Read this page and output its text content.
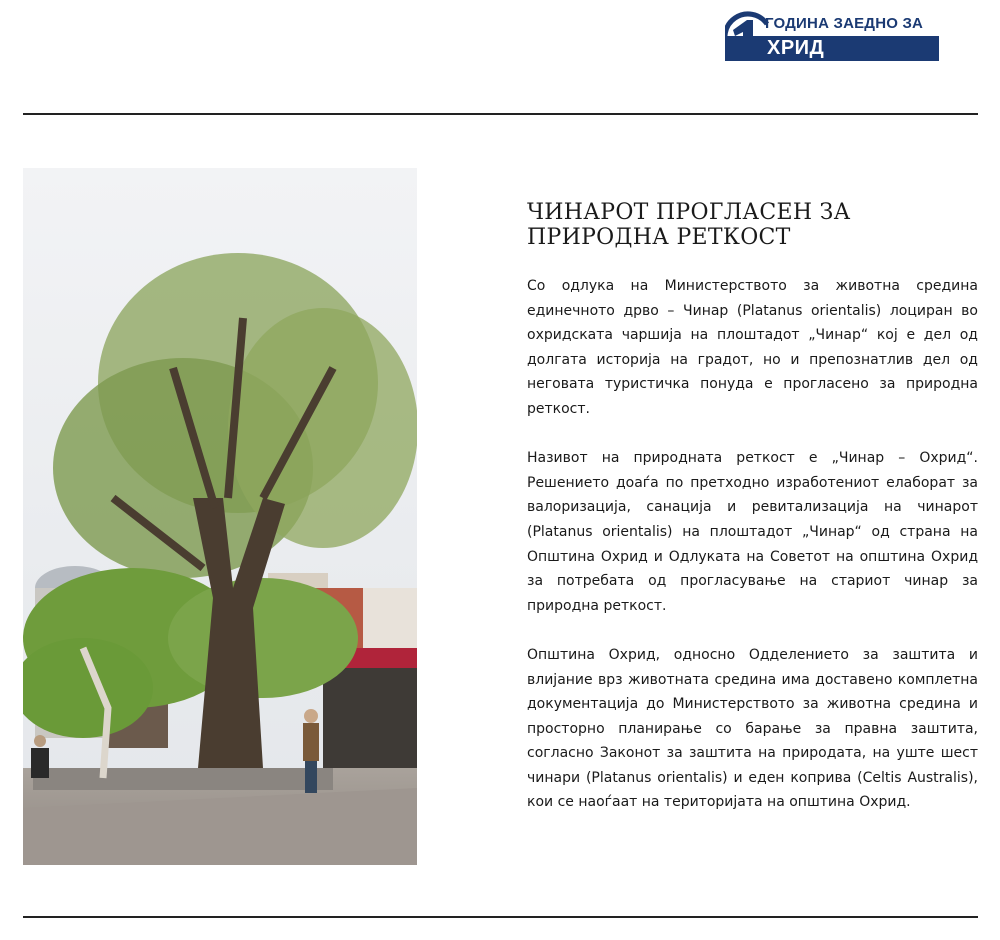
ГОДИНА ЗАЕДНО ЗА
ХРИД
ЧИНАРОТ ПРОГЛАСЕН ЗА
ПРИРОДНА РЕТКОСТ

Со одлука на Министерството за животна средина единечното дрво – Чинар (Platanus orientalis) лоциран во охридската чаршија на плоштадот „Чинар“ кој е дел од долгата историја на градот, но и препознатлив дел од неговата туристичка понуда е прогласено за природна реткост.

Називот на природната реткост е „Чинар – Охрид“. Решението доаѓа по претходно изработениот елаборат за валоризација, санација и ревитализација на чинарот (Platanus orientalis) на плоштадот „Чинар“ од страна на Општина Охрид и Одлуката на Советот на општина Охрид за потребата од прогласување на стариот чинар за природна реткост.

Општина Охрид, односно Одделението за заштита и влијание врз животната средина има доставено комплетна документација до Министерството за животна средина и просторно планирање со барање за правна заштита, согласно Законот за заштита на природата, на уште шест чинари (Platanus orientalis) и еден коприва (Celtis Australis), кои се наоѓаат на територијата на општина Охрид.
